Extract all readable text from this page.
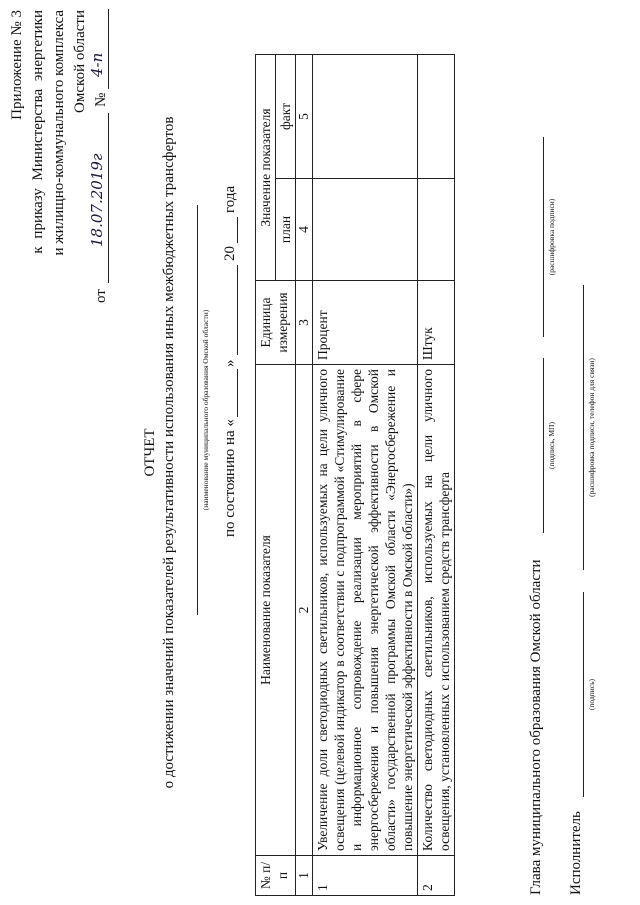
Приложение № 3 к приказу Министерства энергетики и жилищно-коммунального комплекса Омской области
от
18.07.2019г
№
4-п
ОТЧЕТ о достижении значений показателей результативности использования иных межбюджетных трансфертов	(наименование муниципального образования Омской области) по состоянию на «
»
20
года
№ п/п	Наименование показателя	Единица измерения	Значение показателя	
			план	факт
1	2	3	4	5
1	Увеличение доли светодиодных светильников, используемых на цели уличного освещения (целевой индикатор в соответствии с подпрограммой «Стимулирование и информационное сопровождение реализации мероприятий в сфере энергосбережения и повышения энергетической эффективности в Омской области» государственной программы Омской области «Энергосбережение и повышение энергетической эффективности в Омской области»)	Процент		
2	Количество светодиодных светильников, используемых на цели уличного освещения, установленных с использованием средств трансферта	Штук		
Глава муниципального образования Омской области
(подпись, МП)
(расшифровка подписи)
Исполнитель
(подпись)
(расшифровка подписи, телефон для связи)
